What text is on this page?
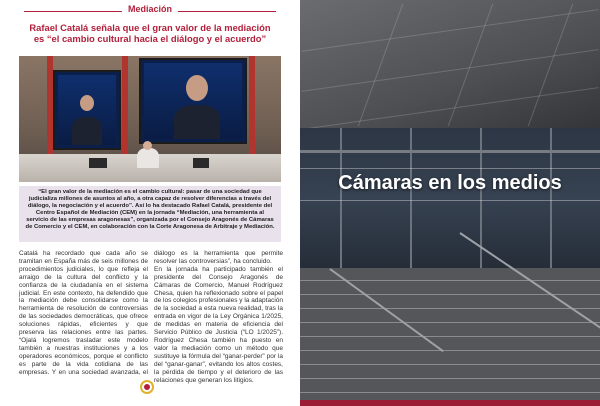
Mediación
Rafael Catalá señala que el gran valor de la mediación es “el cambio cultural hacia el diálogo y el acuerdo”

“El gran valor de la mediación es el cambio cultural: pasar de una sociedad que judicializa millones de asuntos al año, a otra capaz de resolver diferencias a través del diálogo, la negociación y el acuerdo”. Así lo ha destacado Rafael Catalá, presidente del Centro Español de Mediación (CEM) en la jornada “Mediación, una herramienta al servicio de las empresas aragonesas”, organizada por el Consejo Aragonés de Cámaras de Comercio y el CEM, en colaboración con la Corte Aragonesa de Arbitraje y Mediación.

Catalá ha recordado que cada año se tramitan en España más de seis millones de procedimientos judiciales, lo que refleja el arraigo de la cultura del conflicto y la confianza de la ciudadanía en el sistema judicial. En este contexto, ha defendido que la mediación debe consolidarse como la herramienta de resolución de controversias de las sociedades democráticas, que ofrece soluciones rápidas, eficientes y que preserva las relaciones entre las partes. “Ojalá logremos trasladar este modelo también a nuestras instituciones y a los operadores económicos, porque el conflicto es parte de la vida cotidiana de las empresas. Y en una sociedad avanzada, el diálogo es la herramienta que permite resolver las controversias”, ha concluido.

En la jornada ha participado también el presidente del Consejo Aragonés de Cámaras de Comercio, Manuel Rodríguez Chesa, quien ha reflexionado sobre el papel de los colegios profesionales y la adaptación de la sociedad a esta nueva realidad, tras la entrada en vigor de la Ley Orgánica 1/2025, de medidas en materia de eficiencia del Servicio Público de Justicia (“LO 1/2025”). Rodríguez Chesa también ha puesto en valor la mediación como un método que sustituye la fórmula del “ganar-perder” por la del “ganar-ganar”, evitando los altos costes, la pérdida de tiempo y el deterioro de las relaciones que generan los litigios.

Cámaras en los medios
